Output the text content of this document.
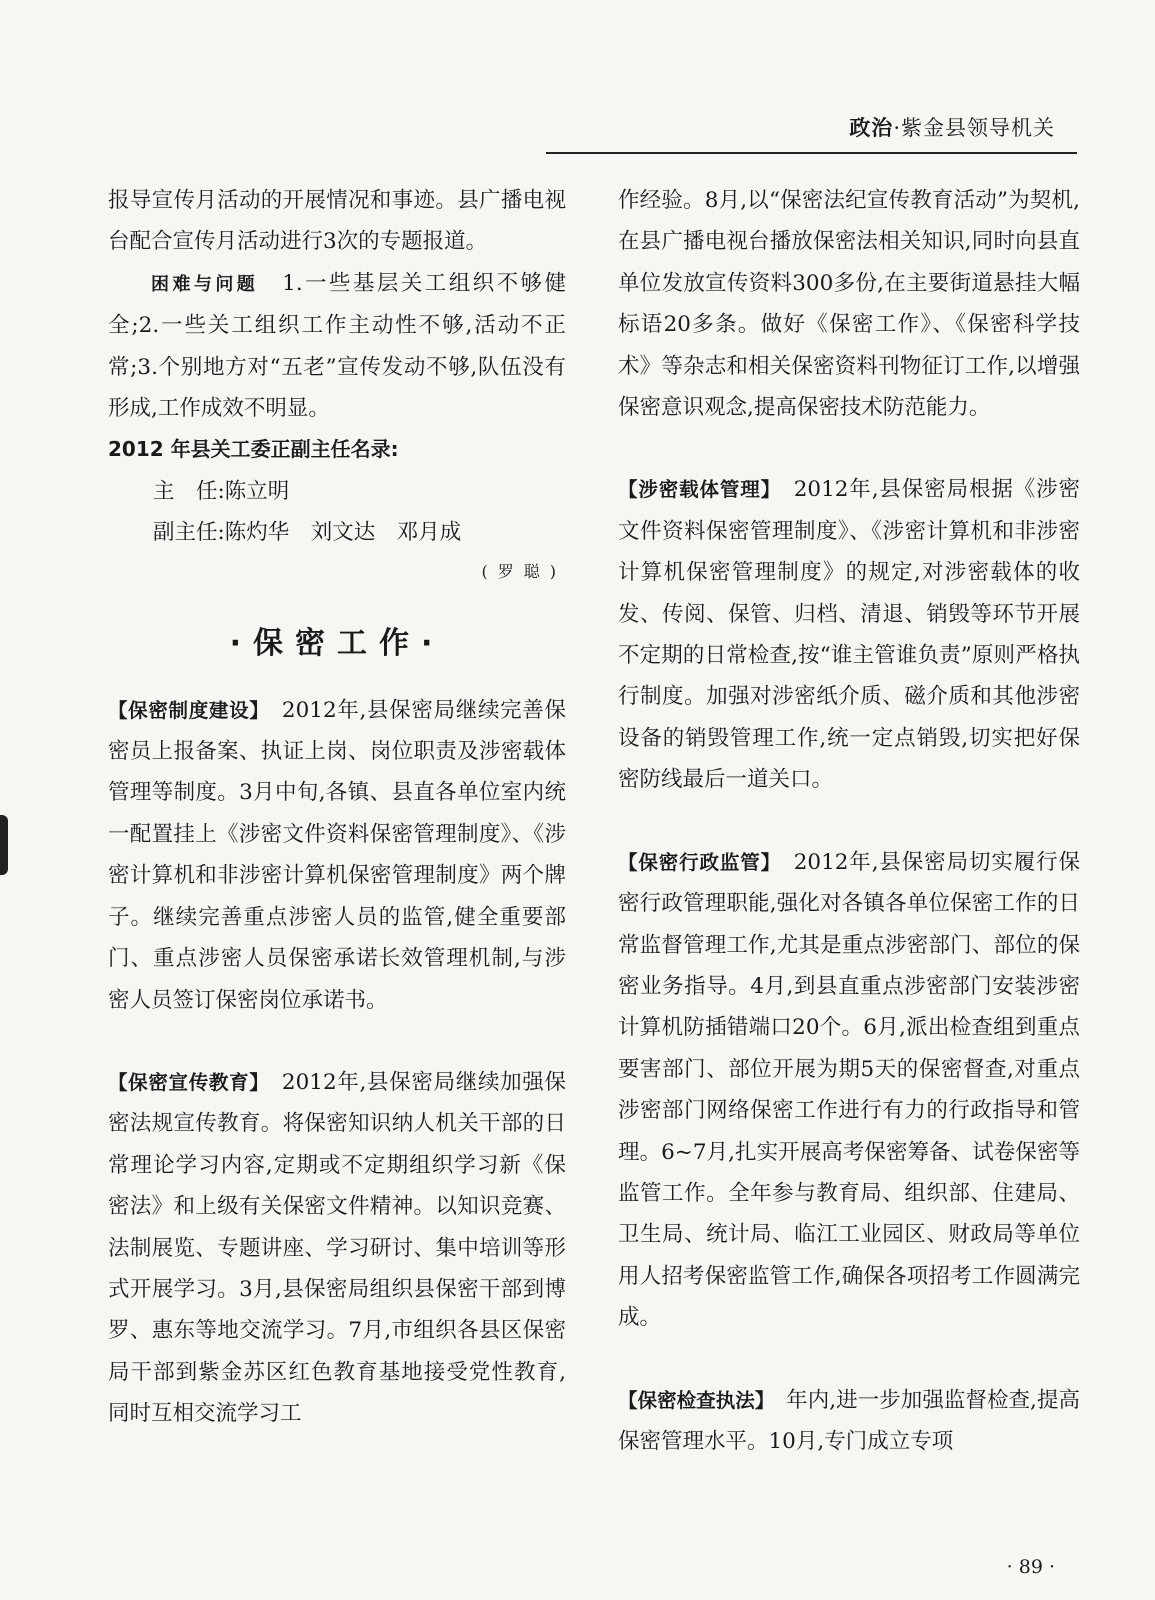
政治·紫金县领导机关

报导宣传月活动的开展情况和事迹。县广播电视台配合宣传月活动进行3次的专题报道。

困难与问题　1.一些基层关工组织不够健全;2.一些关工组织工作主动性不够,活动不正常;3.个别地方对“五老”宣传发动不够,队伍没有形成,工作成效不明显。

2012 年县关工委正副主任名录:

主　任:陈立明

副主任:陈灼华　刘文达　邓月成

(罗聪)

·保密工作·

【保密制度建设】　2012年,县保密局继续完善保密员上报备案、执证上岗、岗位职责及涉密载体管理等制度。3月中旬,各镇、县直各单位室内统一配置挂上《涉密文件资料保密管理制度》、《涉密计算机和非涉密计算机保密管理制度》两个牌子。继续完善重点涉密人员的监管,健全重要部门、重点涉密人员保密承诺长效管理机制,与涉密人员签订保密岗位承诺书。

【保密宣传教育】　2012年,县保密局继续加强保密法规宣传教育。将保密知识纳人机关干部的日常理论学习内容,定期或不定期组织学习新《保密法》和上级有关保密文件精神。以知识竞赛、法制展览、专题讲座、学习研讨、集中培训等形式开展学习。3月,县保密局组织县保密干部到博罗、惠东等地交流学习。7月,市组织各县区保密局干部到紫金苏区红色教育基地接受党性教育,同时互相交流学习工

作经验。8月,以“保密法纪宣传教育活动”为契机,在县广播电视台播放保密法相关知识,同时向县直单位发放宣传资料300多份,在主要街道悬挂大幅标语20多条。做好《保密工作》、《保密科学技术》等杂志和相关保密资料刊物征订工作,以增强保密意识观念,提高保密技术防范能力。

【涉密载体管理】　2012年,县保密局根据《涉密文件资料保密管理制度》、《涉密计算机和非涉密计算机保密管理制度》的规定,对涉密载体的收发、传阅、保管、归档、清退、销毁等环节开展不定期的日常检查,按“谁主管谁负责”原则严格执行制度。加强对涉密纸介质、磁介质和其他涉密设备的销毁管理工作,统一定点销毁,切实把好保密防线最后一道关口。

【保密行政监管】　2012年,县保密局切实履行保密行政管理职能,强化对各镇各单位保密工作的日常监督管理工作,尤其是重点涉密部门、部位的保密业务指导。4月,到县直重点涉密部门安装涉密计算机防插错端口20个。6月,派出检查组到重点要害部门、部位开展为期5天的保密督查,对重点涉密部门网络保密工作进行有力的行政指导和管理。6~7月,扎实开展高考保密筹备、试卷保密等监管工作。全年参与教育局、组织部、住建局、卫生局、统计局、临江工业园区、财政局等单位用人招考保密监管工作,确保各项招考工作圆满完成。

【保密检查执法】　年内,进一步加强监督检查,提高保密管理水平。10月,专门成立专项

· 89 ·
